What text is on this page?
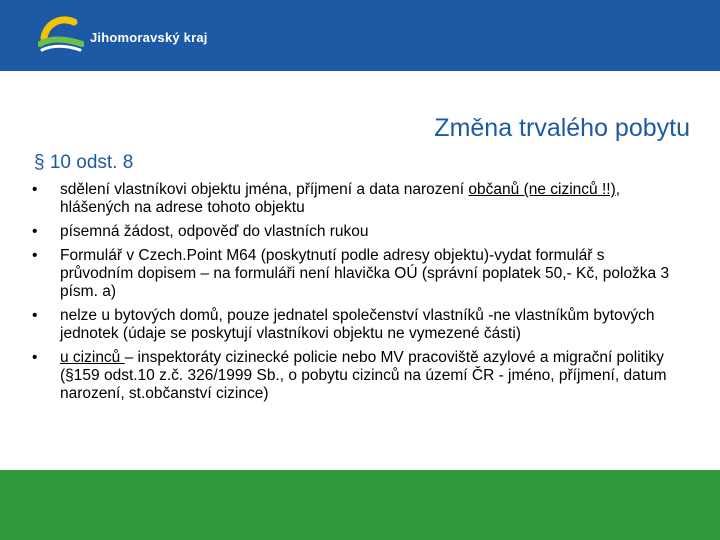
Jihomoravský kraj
Změna trvalého pobytu
§ 10 odst. 8
• sdělení vlastníkovi objektu jména, příjmení a data narození občanů (ne cizinců !!), hlášených na adrese tohoto objektu
• písemná žádost, odpověď do vlastních rukou
• Formulář v Czech.Point M64 (poskytnutí podle adresy objektu)-vydat formulář s průvodním dopisem – na formuláři není hlavička OÚ (správní poplatek 50,- Kč, položka 3 písm. a)
• nelze u bytových domů, pouze jednatel společenství vlastníků -ne vlastníkům bytových jednotek (údaje se poskytují vlastníkovi objektu ne vymezené části)
• u cizinců – inspektoráty cizinecké policie nebo MV pracoviště azylové a migrační politiky (§159 odst.10 z.č. 326/1999 Sb., o pobytu cizinců na území ČR - jméno, příjmení, datum narození, st.občanství cizince)
